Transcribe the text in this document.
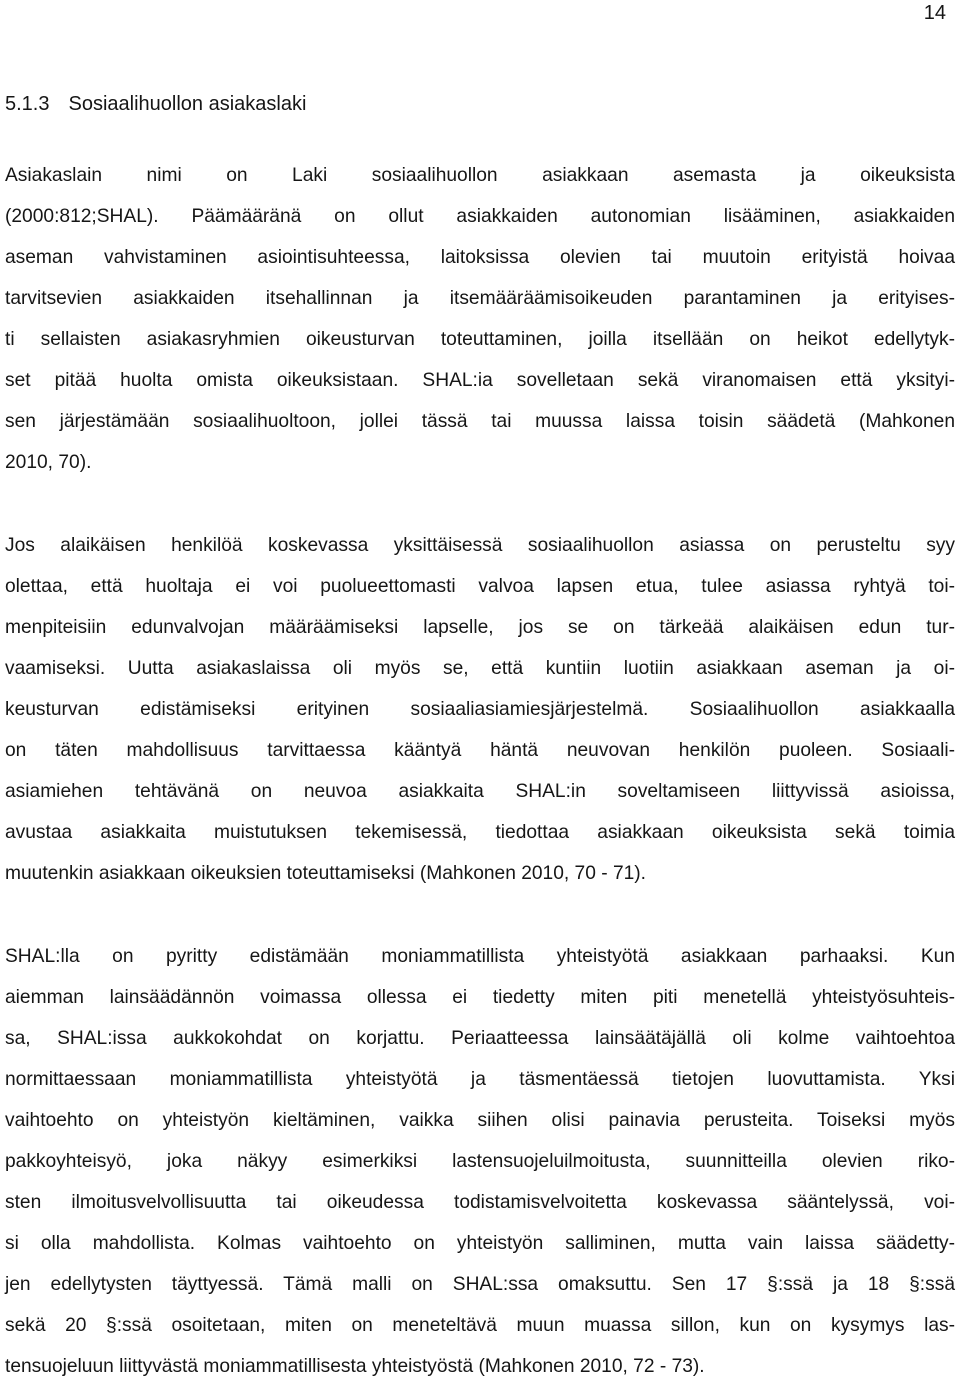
14
5.1.3 Sosiaalihuollon asiakaslaki
Asiakaslain nimi on Laki sosiaalihuollon asiakkaan asemasta ja oikeuksista
(2000:812;SHAL). Päämääränä on ollut asiakkaiden autonomian lisääminen, asiakkaiden
aseman vahvistaminen asiointisuhteessa, laitoksissa olevien tai muutoin erityistä hoivaa
tarvitsevien asiakkaiden itsehallinnan ja itsemääräämisoikeuden parantaminen ja erityises-
ti sellaisten asiakasryhmien oikeusturvan toteuttaminen, joilla itsellään on heikot edellytyk-
set pitää huolta omista oikeuksistaan. SHAL:ia sovelletaan sekä viranomaisen että yksityi-
sen järjestämään sosiaalihuoltoon, jollei tässä tai muussa laissa toisin säädetä (Mahkonen
2010, 70).
Jos alaikäisen henkilöä koskevassa yksittäisessä sosiaalihuollon asiassa on perusteltu syy
olettaa, että huoltaja ei voi puolueettomasti valvoa lapsen etua, tulee asiassa ryhtyä toi-
menpiteisiin edunvalvojan määräämiseksi lapselle, jos se on tärkeää alaikäisen edun tur-
vaamiseksi. Uutta asiakaslaissa oli myös se, että kuntiin luotiin asiakkaan aseman ja oi-
keusturvan edistämiseksi erityinen sosiaaliasiamiesjärjestelmä. Sosiaalihuollon asiakkaalla
on täten mahdollisuus tarvittaessa kääntyä häntä neuvovan henkilön puoleen. Sosiaali-
asiamiehen tehtävänä on neuvoa asiakkaita SHAL:in soveltamiseen liittyvissä asioissa,
avustaa asiakkaita muistutuksen tekemisessä, tiedottaa asiakkaan oikeuksista sekä toimia
muutenkin asiakkaan oikeuksien toteuttamiseksi (Mahkonen 2010, 70 - 71).
SHAL:lla on pyritty edistämään moniammatillista yhteistyötä asiakkaan parhaaksi. Kun
aiemman lainsäädännön voimassa ollessa ei tiedetty miten piti menetellä yhteistyösuhteis-
sa, SHAL:issa aukkokohdat on korjattu. Periaatteessa lainsäätäjällä oli kolme vaihtoehtoa
normittaessaan moniammatillista yhteistyötä ja täsmentäessä tietojen luovuttamista. Yksi
vaihtoehto on yhteistyön kieltäminen, vaikka siihen olisi painavia perusteita. Toiseksi myös
pakkoyhteisyö, joka näkyy esimerkiksi lastensuojeluilmoitusta, suunnitteilla olevien riko-
sten ilmoitusvelvollisuutta tai oikeudessa todistamisvelvoitetta koskevassa sääntelyssä, voi-
si olla mahdollista. Kolmas vaihtoehto on yhteistyön salliminen, mutta vain laissa säädetty-
jen edellytysten täyttyessä. Tämä malli on SHAL:ssa omaksuttu. Sen 17 §:ssä ja 18 §:ssä
sekä 20 §:ssä osoitetaan, miten on meneteltävä muun muassa sillon, kun on kysymys las-
tensuojeluun liittyvästä moniammatillisesta yhteistyöstä (Mahkonen 2010, 72 - 73).
